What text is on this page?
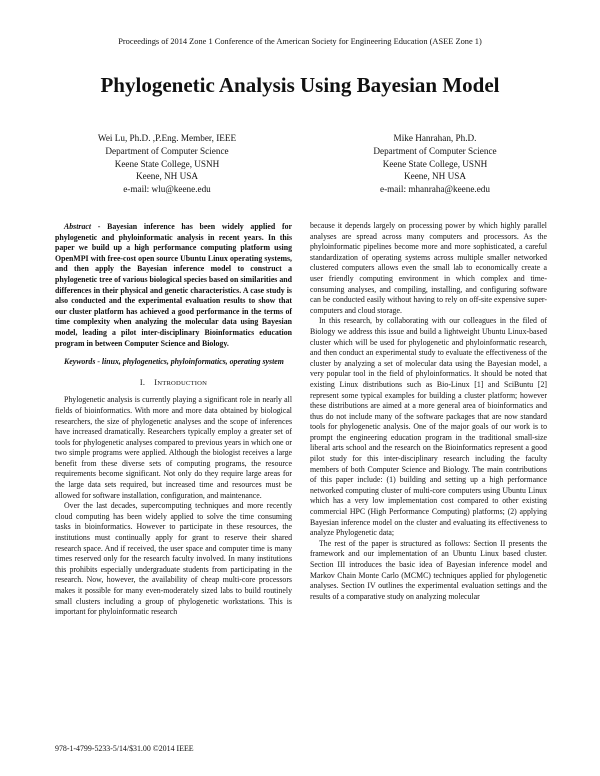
Proceedings of 2014 Zone 1 Conference of the American Society for Engineering Education (ASEE Zone 1)
Phylogenetic Analysis Using Bayesian Model
Wei Lu, Ph.D. ,P.Eng. Member, IEEE
Department of Computer Science
Keene State College, USNH
Keene, NH USA
e-mail: wlu@keene.edu
Mike Hanrahan, Ph.D.
Department of Computer Science
Keene State College, USNH
Keene, NH USA
e-mail: mhanraha@keene.edu

Abstract - Bayesian inference has been widely applied for phylogenetic and phyloinformatic analysis in recent years. In this paper we build up a high performance computing platform using OpenMPI with free-cost open source Ubuntu Linux operating systems, and then apply the Bayesian inference model to construct a phylogenetic tree of various biological species based on similarities and differences in their physical and genetic characteristics. A case study is also conducted and the experimental evaluation results to show that our cluster platform has achieved a good performance in the terms of time complexity when analyzing the molecular data using Bayesian model, leading a pilot inter-disciplinary Bioinformatics education program in between Computer Science and Biology.

Keywords - linux, phylogenetics, phyloinformatics, operating system

I. INTRODUCTION

Phylogenetic analysis is currently playing a significant role in nearly all fields of bioinformatics. With more and more data obtained by biological researchers, the size of phylogenetic analyses and the scope of inferences have increased dramatically. Researchers typically employ a greater set of tools for phylogenetic analyses compared to previous years in which one or two simple programs were applied. Although the biologist receives a large benefit from these diverse sets of computing programs, the resource requirements become significant. Not only do they require large areas for the large data sets required, but increased time and resources must be allowed for software installation, configuration, and maintenance.

Over the last decades, supercomputing techniques and more recently cloud computing has been widely applied to solve the time consuming tasks in bioinformatics. However to participate in these resources, the institutions must continually apply for grant to reserve their shared research space. And if received, the user space and computer time is many times reserved only for the research faculty involved. In many institutions this prohibits especially undergraduate students from participating in the research. Now, however, the availability of cheap multi-core processors makes it possible for many even-moderately sized labs to build routinely small clusters including a group of phylogenetic workstations. This is important for phyloinformatic research

because it depends largely on processing power by which highly parallel analyses are spread across many computers and processors. As the phyloinformatic pipelines become more and more sophisticated, a careful standardization of operating systems across multiple smaller networked clustered computers allows even the small lab to economically create a user friendly computing environment in which complex and time-consuming analyses, and compiling, installing, and configuring software can be conducted easily without having to rely on off-site expensive super-computers and cloud storage.

In this research, by collaborating with our colleagues in the filed of Biology we address this issue and build a lightweight Ubuntu Linux-based cluster which will be used for phylogenetic and phyloinformatic research, and then conduct an experimental study to evaluate the effectiveness of the cluster by analyzing a set of molecular data using the Bayesian model, a very popular tool in the field of phyloinformatics. It should be noted that existing Linux distributions such as Bio-Linux [1] and SciBuntu [2] represent some typical examples for building a cluster platform; however these distributions are aimed at a more general area of bioinformatics and thus do not include many of the software packages that are now standard tools for phylogenetic analysis. One of the major goals of our work is to prompt the engineering education program in the traditional small-size liberal arts school and the research on the Bioinformatics represent a good pilot study for this inter-disciplinary research including the faculty members of both Computer Science and Biology. The main contributions of this paper include: (1) building and setting up a high performance networked computing cluster of multi-core computers using Ubuntu Linux which has a very low implementation cost compared to other existing commercial HPC (High Performance Computing) platforms; (2) applying Bayesian inference model on the cluster and evaluating its effectiveness to analyze Phylogenetic data;

The rest of the paper is structured as follows: Section II presents the framework and our implementation of an Ubuntu Linux based cluster. Section III introduces the basic idea of Bayesian inference model and Markov Chain Monte Carlo (MCMC) techniques applied for phylogenetic analyses. Section IV outlines the experimental evaluation settings and the results of a comparative study on analyzing molecular

978-1-4799-5233-5/14/$31.00 ©2014 IEEE
